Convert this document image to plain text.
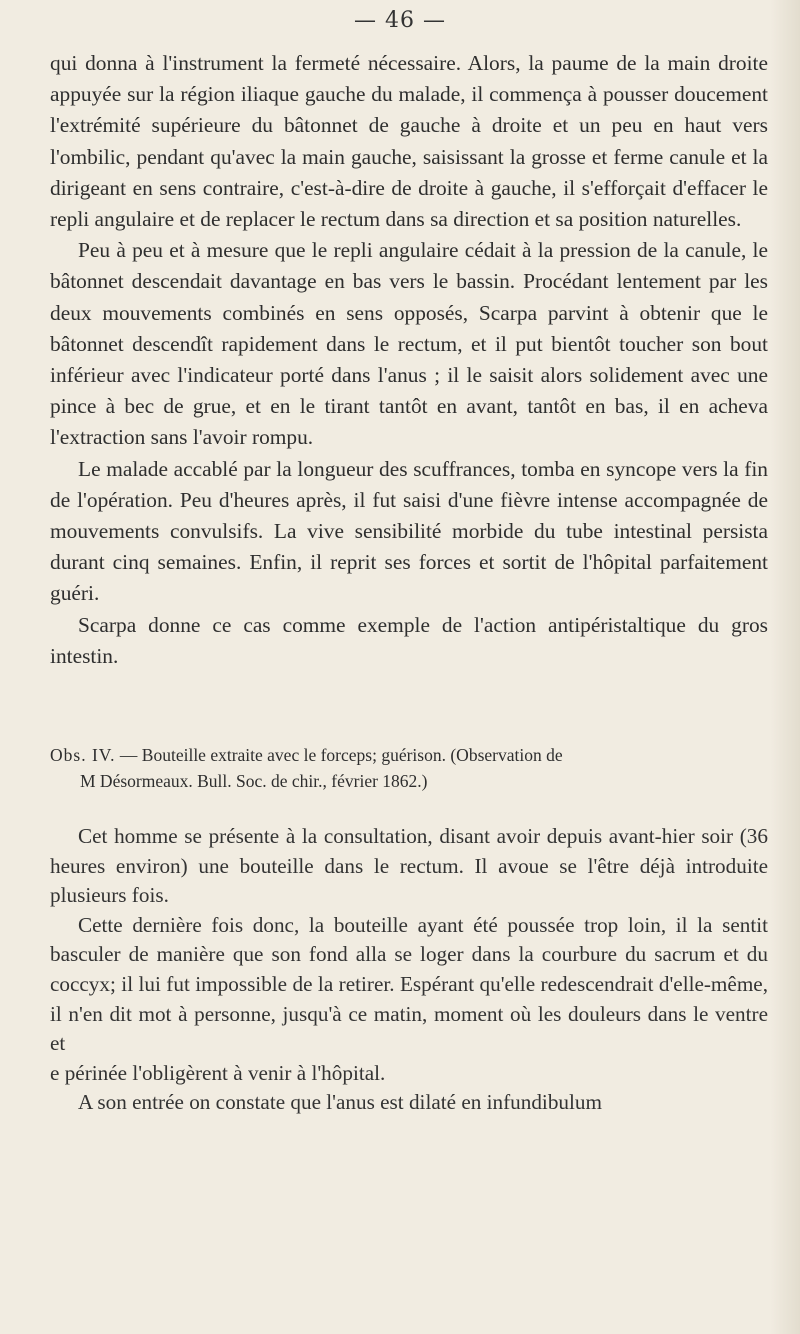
— 46 —

qui donna à l'instrument la fermeté nécessaire. Alors, la paume de la main droite appuyée sur la région iliaque gauche du malade, il commença à pousser doucement l'extrémité supérieure du bâtonnet de gauche à droite et un peu en haut vers l'ombilic, pendant qu'avec la main gauche, saisissant la grosse et ferme canule et la dirigeant en sens contraire, c'est-à-dire de droite à gauche, il s'efforçait d'effacer le repli angulaire et de replacer le rectum dans sa direction et sa position naturelles.

Peu à peu et à mesure que le repli angulaire cédait à la pression de la canule, le bâtonnet descendait davantage en bas vers le bassin. Procédant lentement par les deux mouvements combinés en sens opposés, Scarpa parvint à obtenir que le bâtonnet descendît rapidement dans le rectum, et il put bientôt toucher son bout inférieur avec l'indicateur porté dans l'anus ; il le saisit alors solidement avec une pince à bec de grue, et en le tirant tantôt en avant, tantôt en bas, il en acheva l'extraction sans l'avoir rompu.

Le malade accablé par la longueur des scuffrances, tomba en syncope vers la fin de l'opération. Peu d'heures après, il fut saisi d'une fièvre intense accompagnée de mouvements convulsifs. La vive sensibilité morbide du tube intestinal persista durant cinq semaines. Enfin, il reprit ses forces et sortit de l'hôpital parfaitement guéri.

Scarpa donne ce cas comme exemple de l'action antipéristaltique du gros intestin.

Obs. IV. — Bouteille extraite avec le forceps; guérison. (Observation de
M Désormeaux. Bull. Soc. de chir., février 1862.)

Cet homme se présente à la consultation, disant avoir depuis avant-hier soir (36 heures environ) une bouteille dans le rectum. Il avoue se l'être déjà introduite plusieurs fois.

Cette dernière fois donc, la bouteille ayant été poussée trop loin, il la sentit basculer de manière que son fond alla se loger dans la courbure du sacrum et du coccyx; il lui fut impossible de la retirer. Espérant qu'elle redescendrait d'elle-même, il n'en dit mot à personne, jusqu'à ce matin, moment où les douleurs dans le ventre et

e périnée l'obligèrent à venir à l'hôpital.

A son entrée on constate que l'anus est dilaté en infundibulum
